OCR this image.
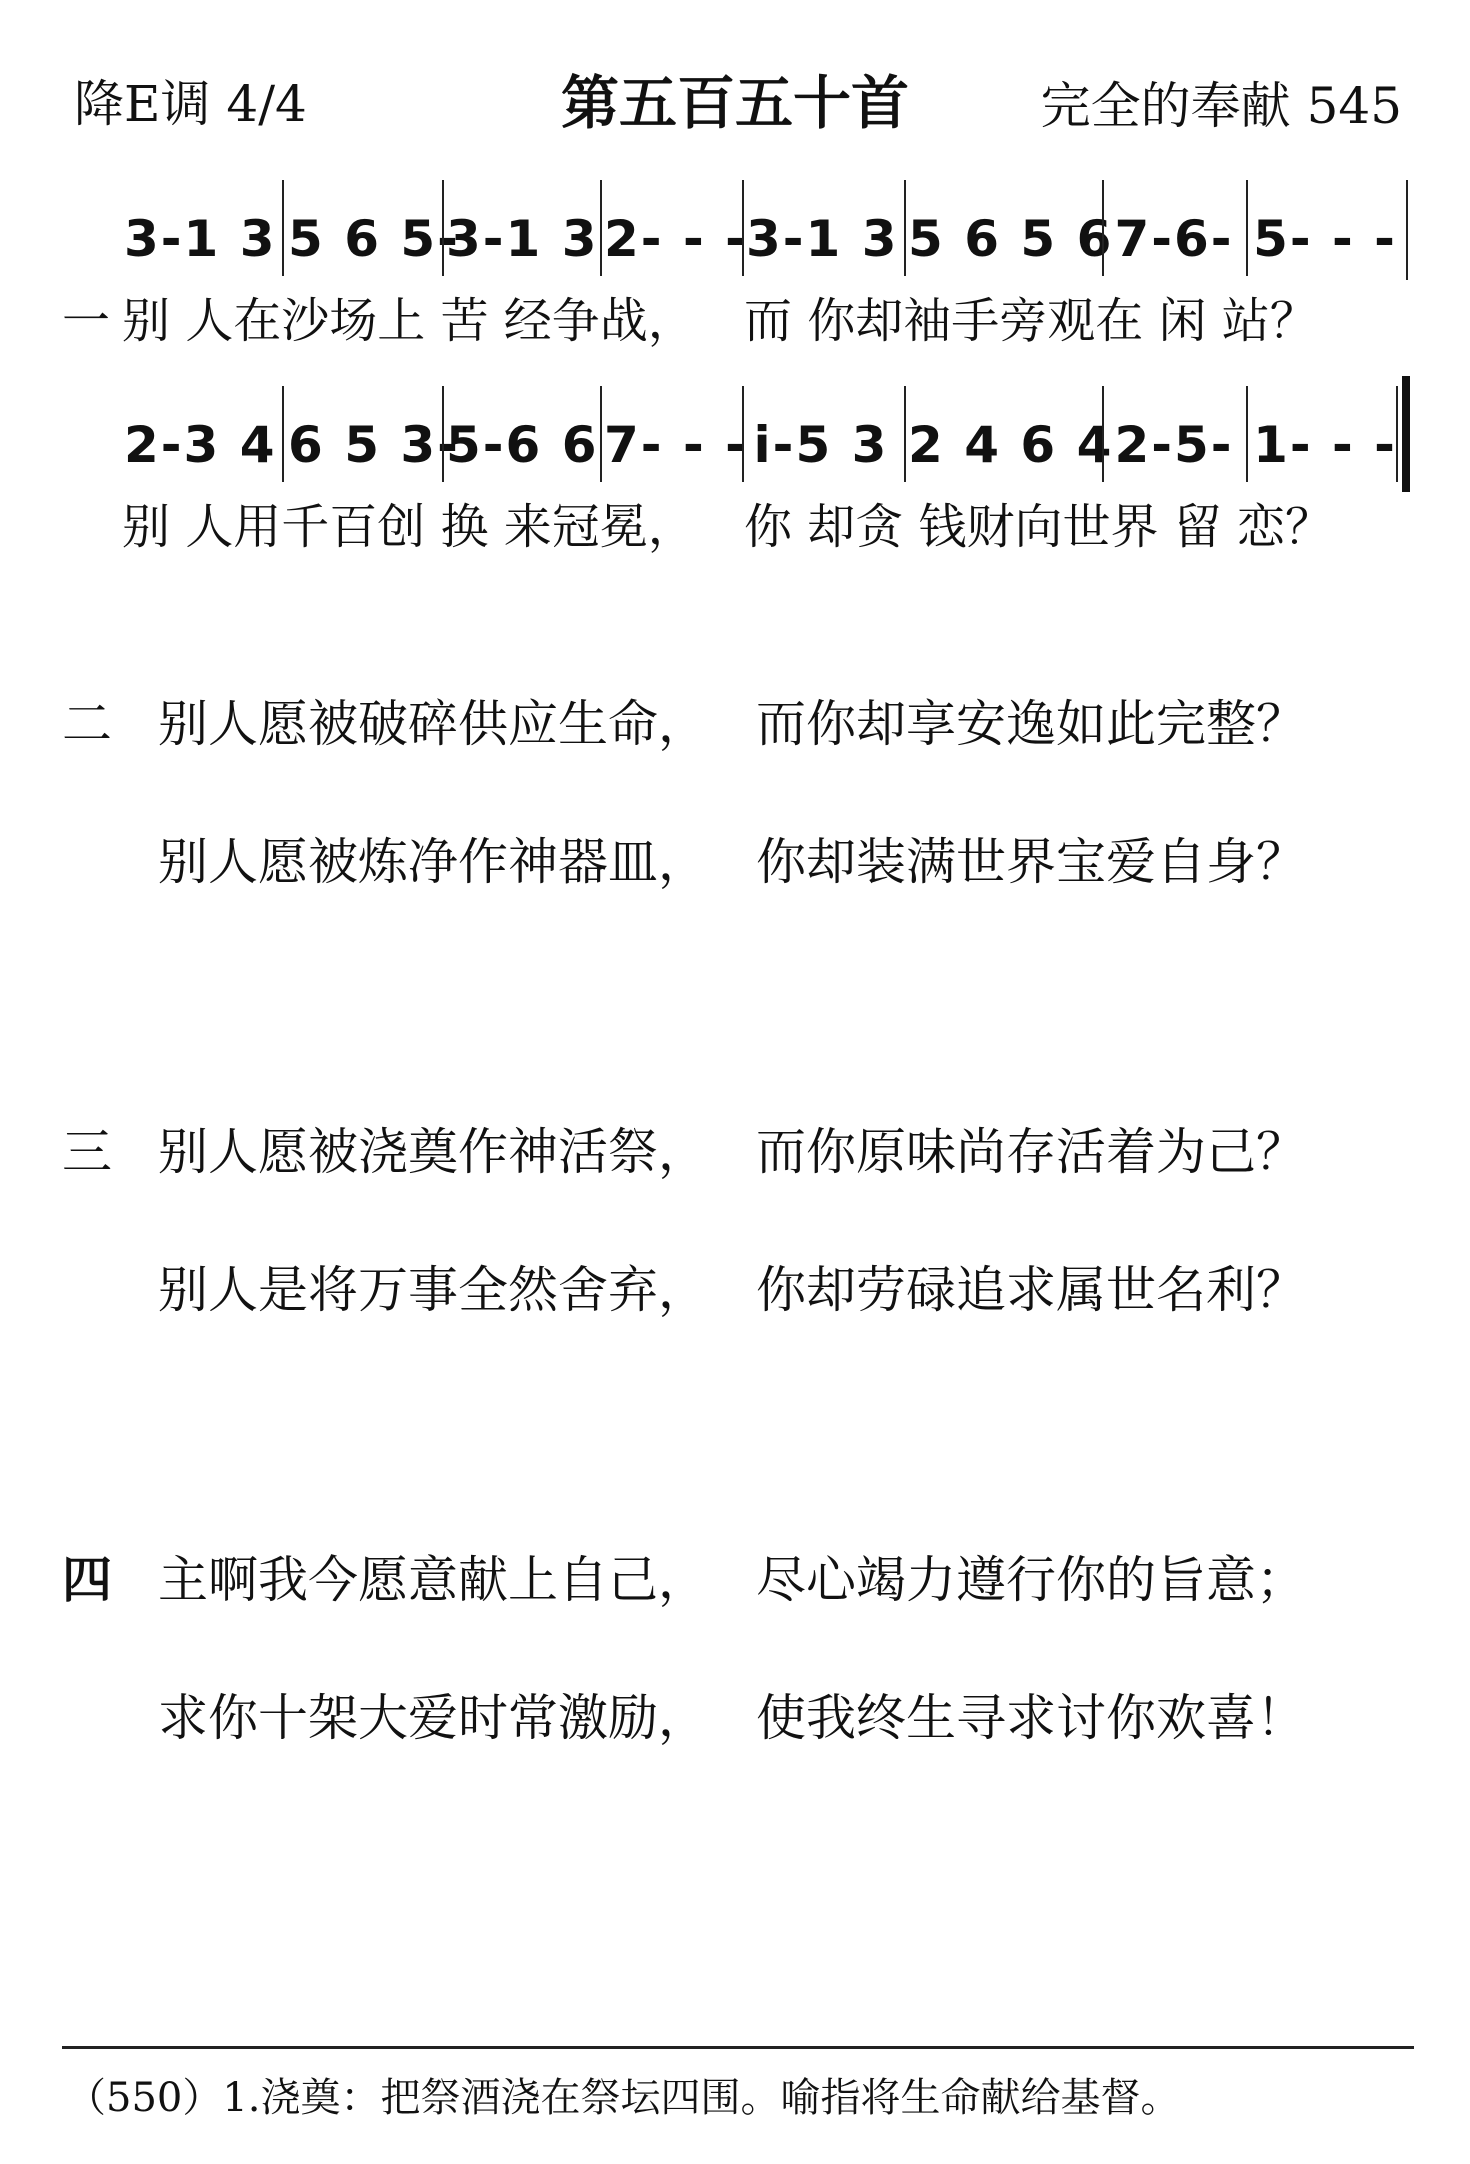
降E调 4/4	第五百五十首	完全的奉献 545
3-1 3 5 6 5-
3-1 3 2- - -
3-1 3 5 6 5 6 7-6- 5- - -
一 别 人在沙场上 苦 经争战， 而 你却袖手旁观在 闲 站？
2-3 4 6 5 3-
5-6 6 7- - - i-5 3 2 4 6 4 2-5- 1- - -
别 人用千百创 换 来冠冕， 你 却贪 钱财向世界 留 恋？
二 别人愿被破碎供应生命， 而你却享安逸如此完整？
别人愿被炼净作神器皿， 你却装满世界宝爱自身？
三 别人愿被浇奠作神活祭， 而你原味尚存活着为己？
别人是将万事全然舍弃， 你却劳碌追求属世名利？
四 主啊我今愿意献上自己， 尽心竭力遵行你的旨意；
求你十架大爱时常激励， 使我终生寻求讨你欢喜！
（550）1.浇奠：把祭酒浇在祭坛四围。喻指将生命献给基督。
